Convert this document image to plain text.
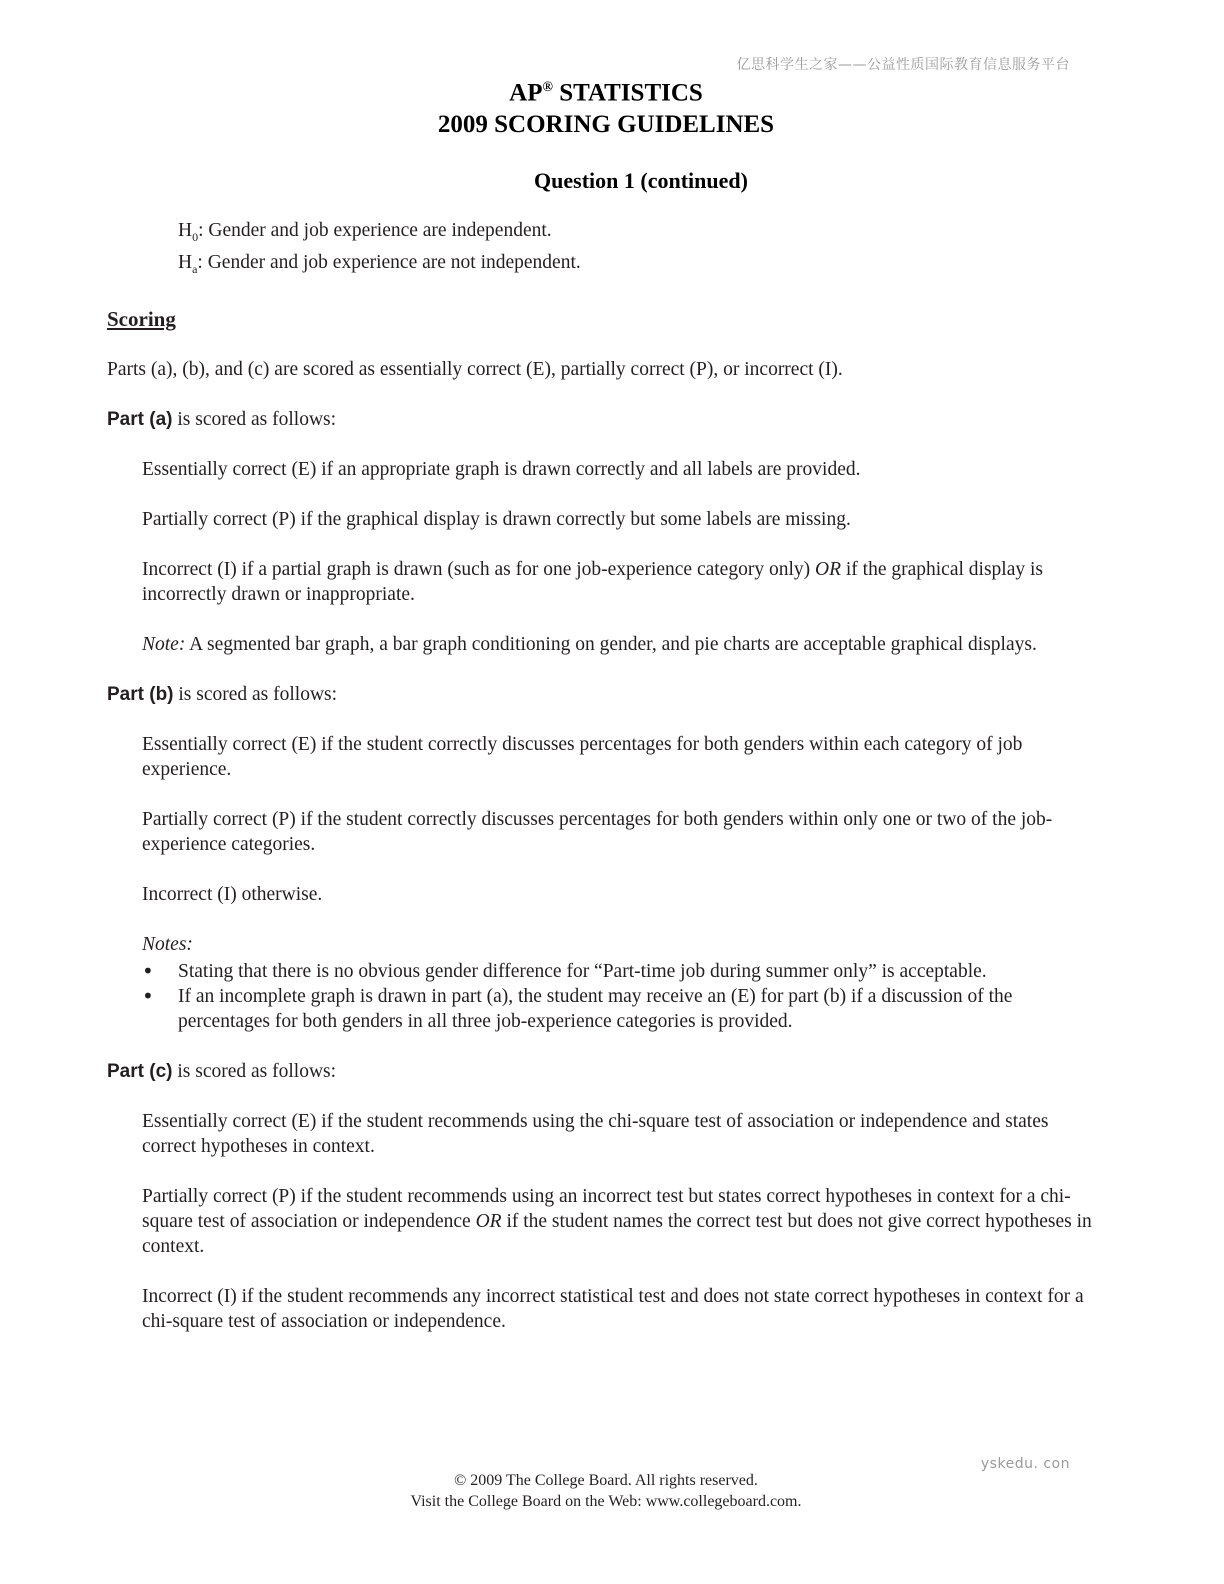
亿思科学生之家——公益性质国际教育信息服务平台
AP® STATISTICS
2009 SCORING GUIDELINES
Question 1 (continued)
$H_0$: Gender and job experience are independent.
$H_a$: Gender and job experience are not independent.
Scoring

Parts (a), (b), and (c) are scored as essentially correct (E), partially correct (P), or incorrect (I).

Part (a) is scored as follows:

Essentially correct (E) if an appropriate graph is drawn correctly and all labels are provided.

Partially correct (P) if the graphical display is drawn correctly but some labels are missing.

Incorrect (I) if a partial graph is drawn (such as for one job-experience category only) OR if the graphical display is incorrectly drawn or inappropriate.

Note: A segmented bar graph, a bar graph conditioning on gender, and pie charts are acceptable graphical displays.

Part (b) is scored as follows:

Essentially correct (E) if the student correctly discusses percentages for both genders within each category of job experience.

Partially correct (P) if the student correctly discusses percentages for both genders within only one or two of the job-experience categories.

Incorrect (I) otherwise.

Notes:

• Stating that there is no obvious gender difference for “Part-time job during summer only” is acceptable.
• If an incomplete graph is drawn in part (a), the student may receive an (E) for part (b) if a discussion of the percentages for both genders in all three job-experience categories is provided.

Part (c) is scored as follows:

Essentially correct (E) if the student recommends using the chi-square test of association or independence and states correct hypotheses in context.

Partially correct (P) if the student recommends using an incorrect test but states correct hypotheses in context for a chi-square test of association or independence OR if the student names the correct test but does not give correct hypotheses in context.

Incorrect (I) if the student recommends any incorrect statistical test and does not state correct hypotheses in context for a chi-square test of association or independence.

yskedu. con
© 2009 The College Board. All rights reserved.
Visit the College Board on the Web: www.collegeboard.com.
